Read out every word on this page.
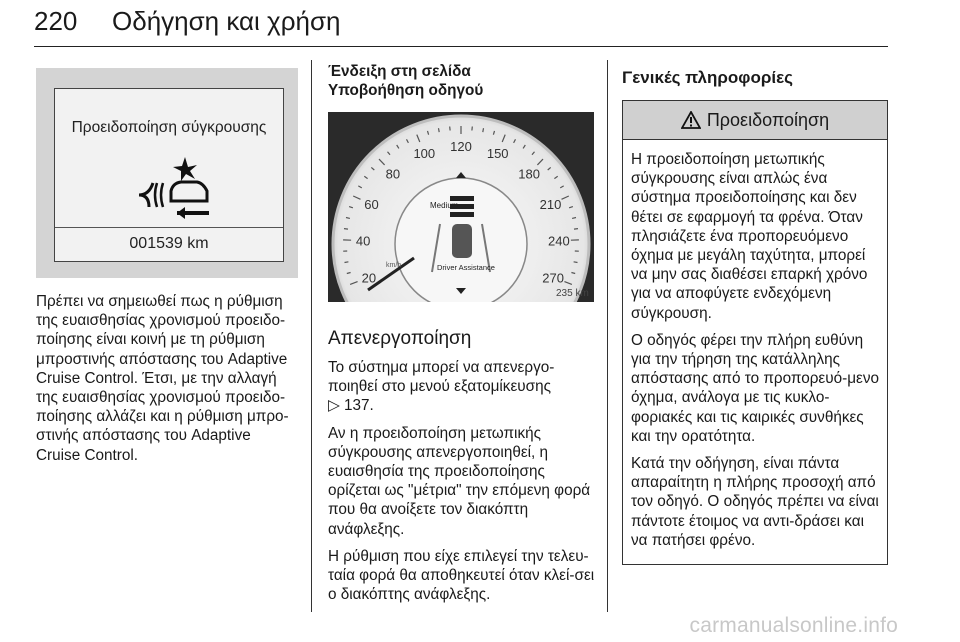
220 Οδήγηση και χρήση
Προειδοποίηση σύγκρουσης
001539 km

Πρέπει να σημειωθεί πως η ρύθμιση της ευαισθησίας χρονισμού προειδο-ποίησης είναι κοινή με τη ρύθμιση μπροστινής απόστασης του Adaptive Cruise Control. Έτσι, με την αλλαγή της ευαισθησίας χρονισμού προειδο-ποίησης αλλάζει και η ρύθμιση μπρο-στινής απόστασης του Adaptive Cruise Control.

Ένδειξη στη σελίδα
Υποβοήθηση οδηγού
20
40
60
80
100 120 150
180
210
240
270
Medium
Driver Assistance
km/h
235 km
Απενεργοποίηση

Το σύστημα μπορεί να απενεργο-ποιηθεί στο μενού εξατομίκευσης
▷ 137.

Αν η προειδοποίηση μετωπικής σύγκρουσης απενεργοποιηθεί, η ευαισθησία της προειδοποίησης ορίζεται ως "μέτρια" την επόμενη φορά που θα ανοίξετε τον διακόπτη ανάφλεξης.

Η ρύθμιση που είχε επιλεγεί την τελευ-ταία φορά θα αποθηκευτεί όταν κλεί-σει ο διακόπτης ανάφλεξης.

Γενικές πληροφορίες
Προειδοποίηση

Η προειδοποίηση μετωπικής σύγκρουσης είναι απλώς ένα σύστημα προειδοποίησης και δεν θέτει σε εφαρμογή τα φρένα. Όταν πλησιάζετε ένα προπορευόμενο όχημα με μεγάλη ταχύτητα, μπορεί να μην σας διαθέσει επαρκή χρόνο για να αποφύγετε ενδεχόμενη σύγκρουση.

Ο οδηγός φέρει την πλήρη ευθύνη για την τήρηση της κατάλληλης απόστασης από το προπορευό-μενο όχημα, ανάλογα με τις κυκλο-φοριακές και τις καιρικές συνθήκες και την ορατότητα.

Κατά την οδήγηση, είναι πάντα απαραίτητη η πλήρης προσοχή από τον οδηγό. Ο οδηγός πρέπει να είναι πάντοτε έτοιμος να αντι-δράσει και να πατήσει φρένο.

carmanualsonline.info
